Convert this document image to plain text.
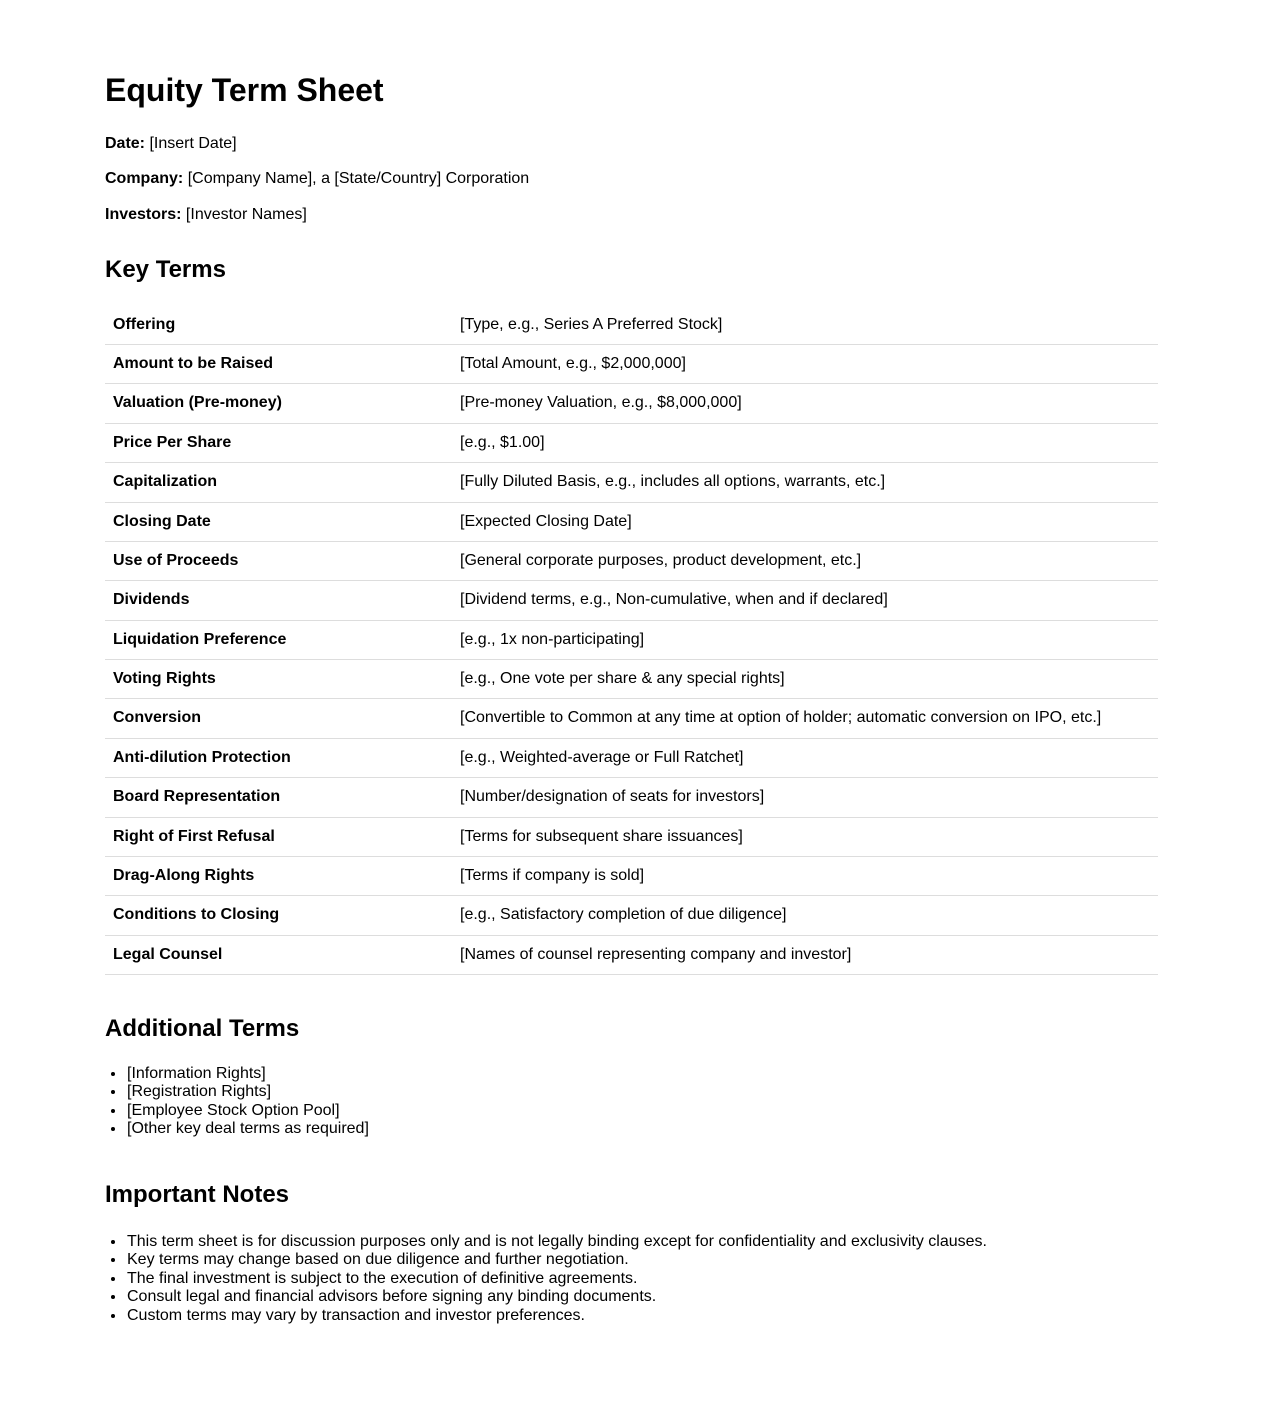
Equity Term Sheet

Date: [Insert Date]

Company: [Company Name], a [State/Country] Corporation

Investors: [Investor Names]

Key Terms
Offering	[Type, e.g., Series A Preferred Stock]
Amount to be Raised	[Total Amount, e.g., $2,000,000]
Valuation (Pre-money)	[Pre-money Valuation, e.g., $8,000,000]
Price Per Share	[e.g., $1.00]
Capitalization	[Fully Diluted Basis, e.g., includes all options, warrants, etc.]
Closing Date	[Expected Closing Date]
Use of Proceeds	[General corporate purposes, product development, etc.]
Dividends	[Dividend terms, e.g., Non-cumulative, when and if declared]
Liquidation Preference	[e.g., 1x non-participating]
Voting Rights	[e.g., One vote per share & any special rights]
Conversion	[Convertible to Common at any time at option of holder; automatic conversion on IPO, etc.]
Anti-dilution Protection	[e.g., Weighted-average or Full Ratchet]
Board Representation	[Number/designation of seats for investors]
Right of First Refusal	[Terms for subsequent share issuances]
Drag-Along Rights	[Terms if company is sold]
Conditions to Closing	[e.g., Satisfactory completion of due diligence]
Legal Counsel	[Names of counsel representing company and investor]
Additional Terms
• [Information Rights]
• [Registration Rights]
• [Employee Stock Option Pool]
• [Other key deal terms as required]
Important Notes
• This term sheet is for discussion purposes only and is not legally binding except for confidentiality and exclusivity clauses.
• Key terms may change based on due diligence and further negotiation.
• The final investment is subject to the execution of definitive agreements.
• Consult legal and financial advisors before signing any binding documents.
• Custom terms may vary by transaction and investor preferences.
